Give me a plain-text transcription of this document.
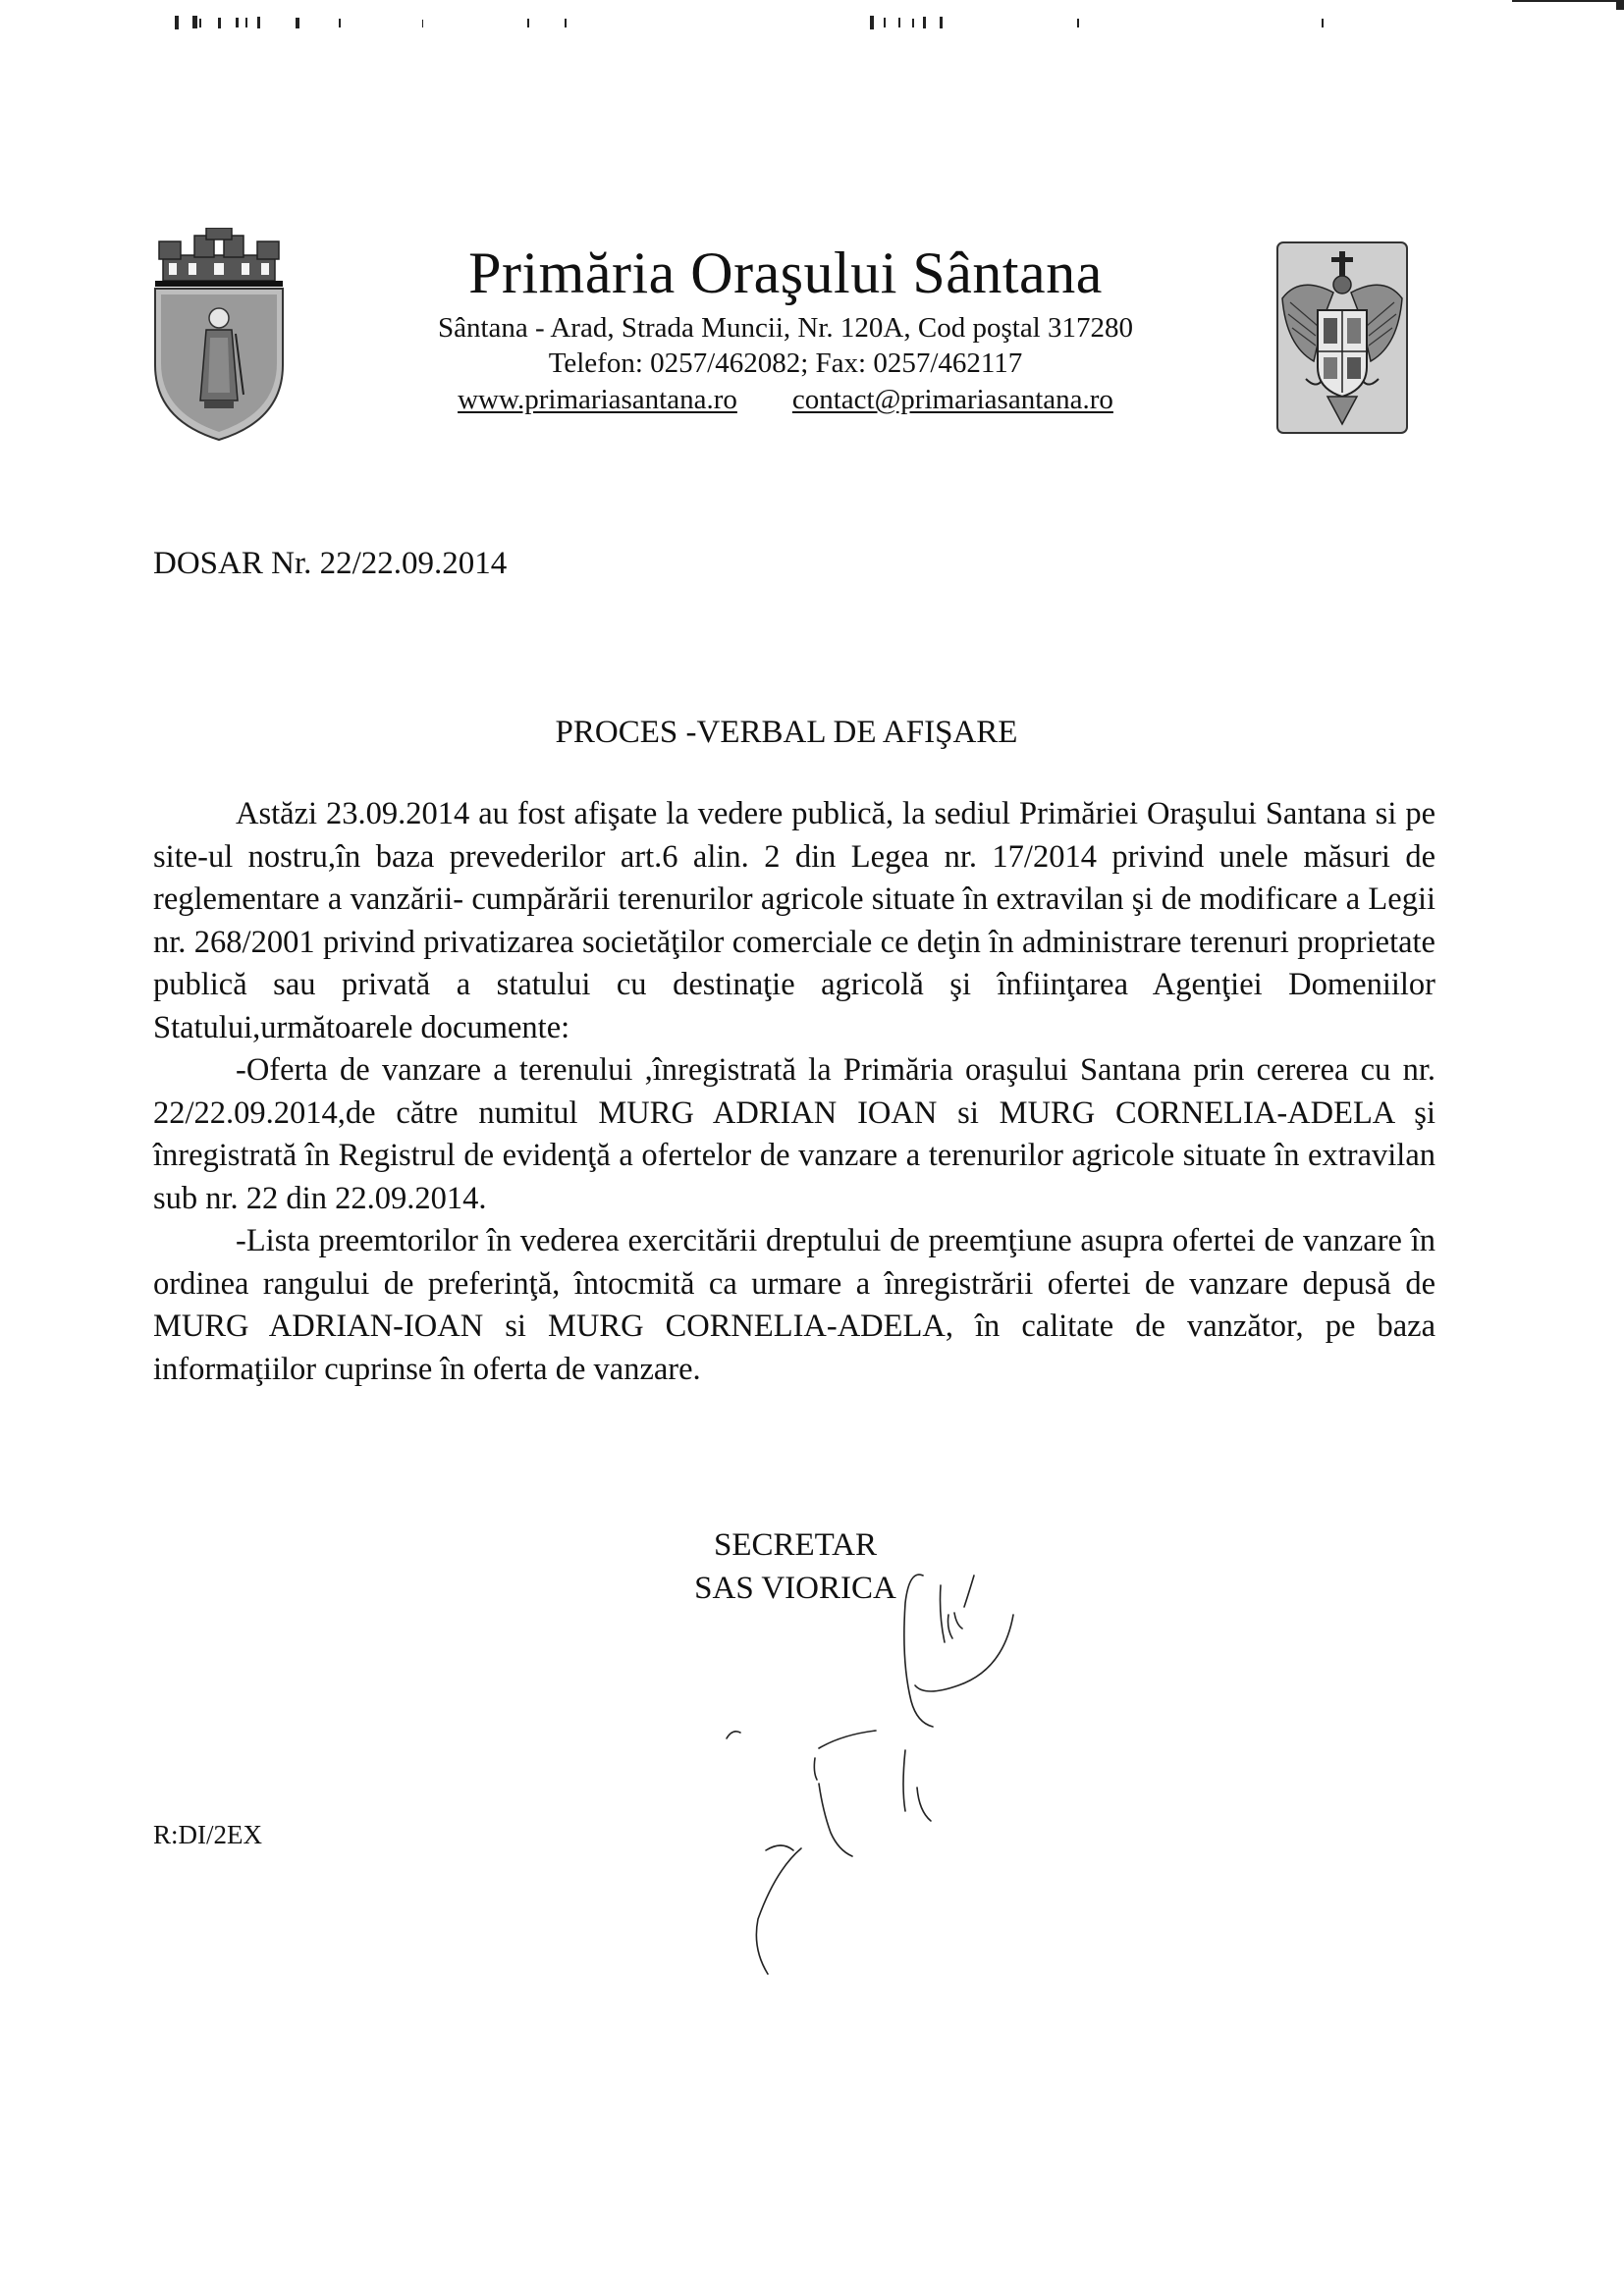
Primăria Oraşului Sântana
Sântana - Arad, Strada Muncii, Nr. 120A, Cod poştal 317280
Telefon: 0257/462082; Fax: 0257/462117
www.primariasantana.ro contact@primariasantana.ro
DOSAR Nr. 22/22.09.2014
PROCES -VERBAL DE AFIŞARE

Astăzi 23.09.2014 au fost afişate la vedere publică, la sediul Primăriei Oraşului Santana si pe site-ul nostru,în baza prevederilor art.6 alin. 2 din Legea nr. 17/2014 privind unele măsuri de reglementare a vanzării- cumpărării terenurilor agricole situate în extravilan şi de modificare a Legii nr. 268/2001 privind privatizarea societăţilor comerciale ce deţin în administrare terenuri proprietate publică sau privată a statului cu destinaţie agricolă şi înfiinţarea Agenţiei Domeniilor Statului,următoarele documente:

-Oferta de vanzare a terenului ,înregistrată la Primăria oraşului Santana prin cererea cu nr. 22/22.09.2014,de către numitul MURG ADRIAN IOAN si MURG CORNELIA-ADELA şi înregistrată în Registrul de evidenţă a ofertelor de vanzare a terenurilor agricole situate în extravilan sub nr. 22 din 22.09.2014.

-Lista preemtorilor în vederea exercitării dreptului de preemţiune asupra ofertei de vanzare în ordinea rangului de preferinţă, întocmită ca urmare a înregistrării ofertei de vanzare depusă de MURG ADRIAN-IOAN si MURG CORNELIA-ADELA, în calitate de vanzător, pe baza informaţiilor cuprinse în oferta de vanzare.

SECRETAR
SAS VIORICA
R:DI/2EX
